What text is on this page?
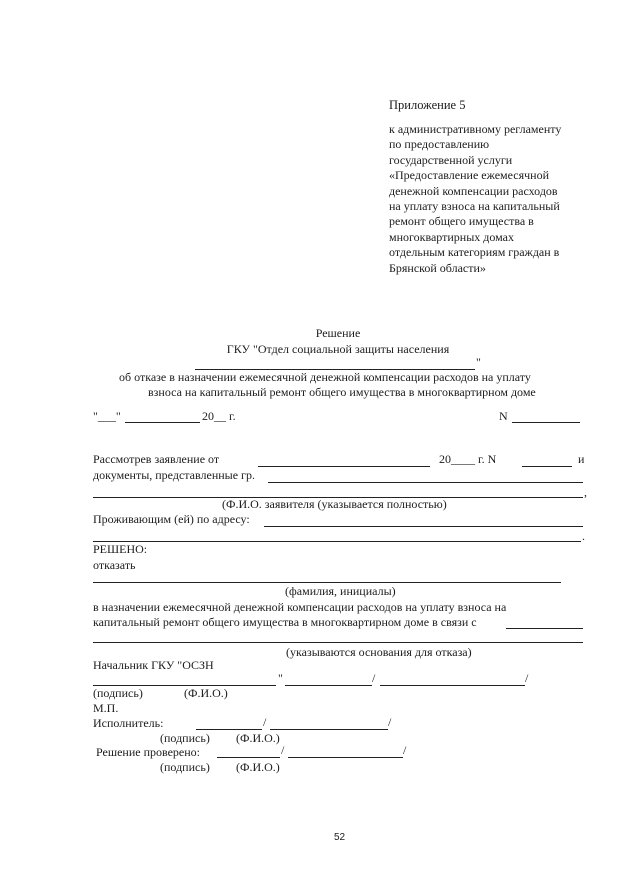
Приложение 5
к административному регламенту
по предоставлению
государственной услуги
«Предоставление ежемесячной
денежной компенсации расходов
на уплату взноса на капитальный
ремонт общего имущества в
многоквартирных домах
отдельным категориям граждан в
Брянской области»
Решение
ГКУ "Отдел социальной защиты населения
"
об отказе в назначении ежемесячной денежной компенсации расходов на уплату
взноса на капитальный ремонт общего имущества в многоквартирном доме
"___"	20__ г.	N
Рассмотрев заявление от	20____ г. N	и
документы, представленные гр.
,
(Ф.И.О. заявителя (указывается полностью)
Проживающим (ей) по адресу:
.
РЕШЕНО:
отказать
(фамилия, инициалы)
в назначении ежемесячной денежной компенсации расходов на уплату взноса на
капитальный ремонт общего имущества в многоквартирном доме в связи с
(указываются основания для отказа)
Начальник ГКУ "ОСЗН
"	/	/
(подпись)	(Ф.И.О.)
М.П.
Исполнитель:	/	/
(подпись) (Ф.И.О.)
Решение проверено:	/	/
(подпись) (Ф.И.О.)
52
